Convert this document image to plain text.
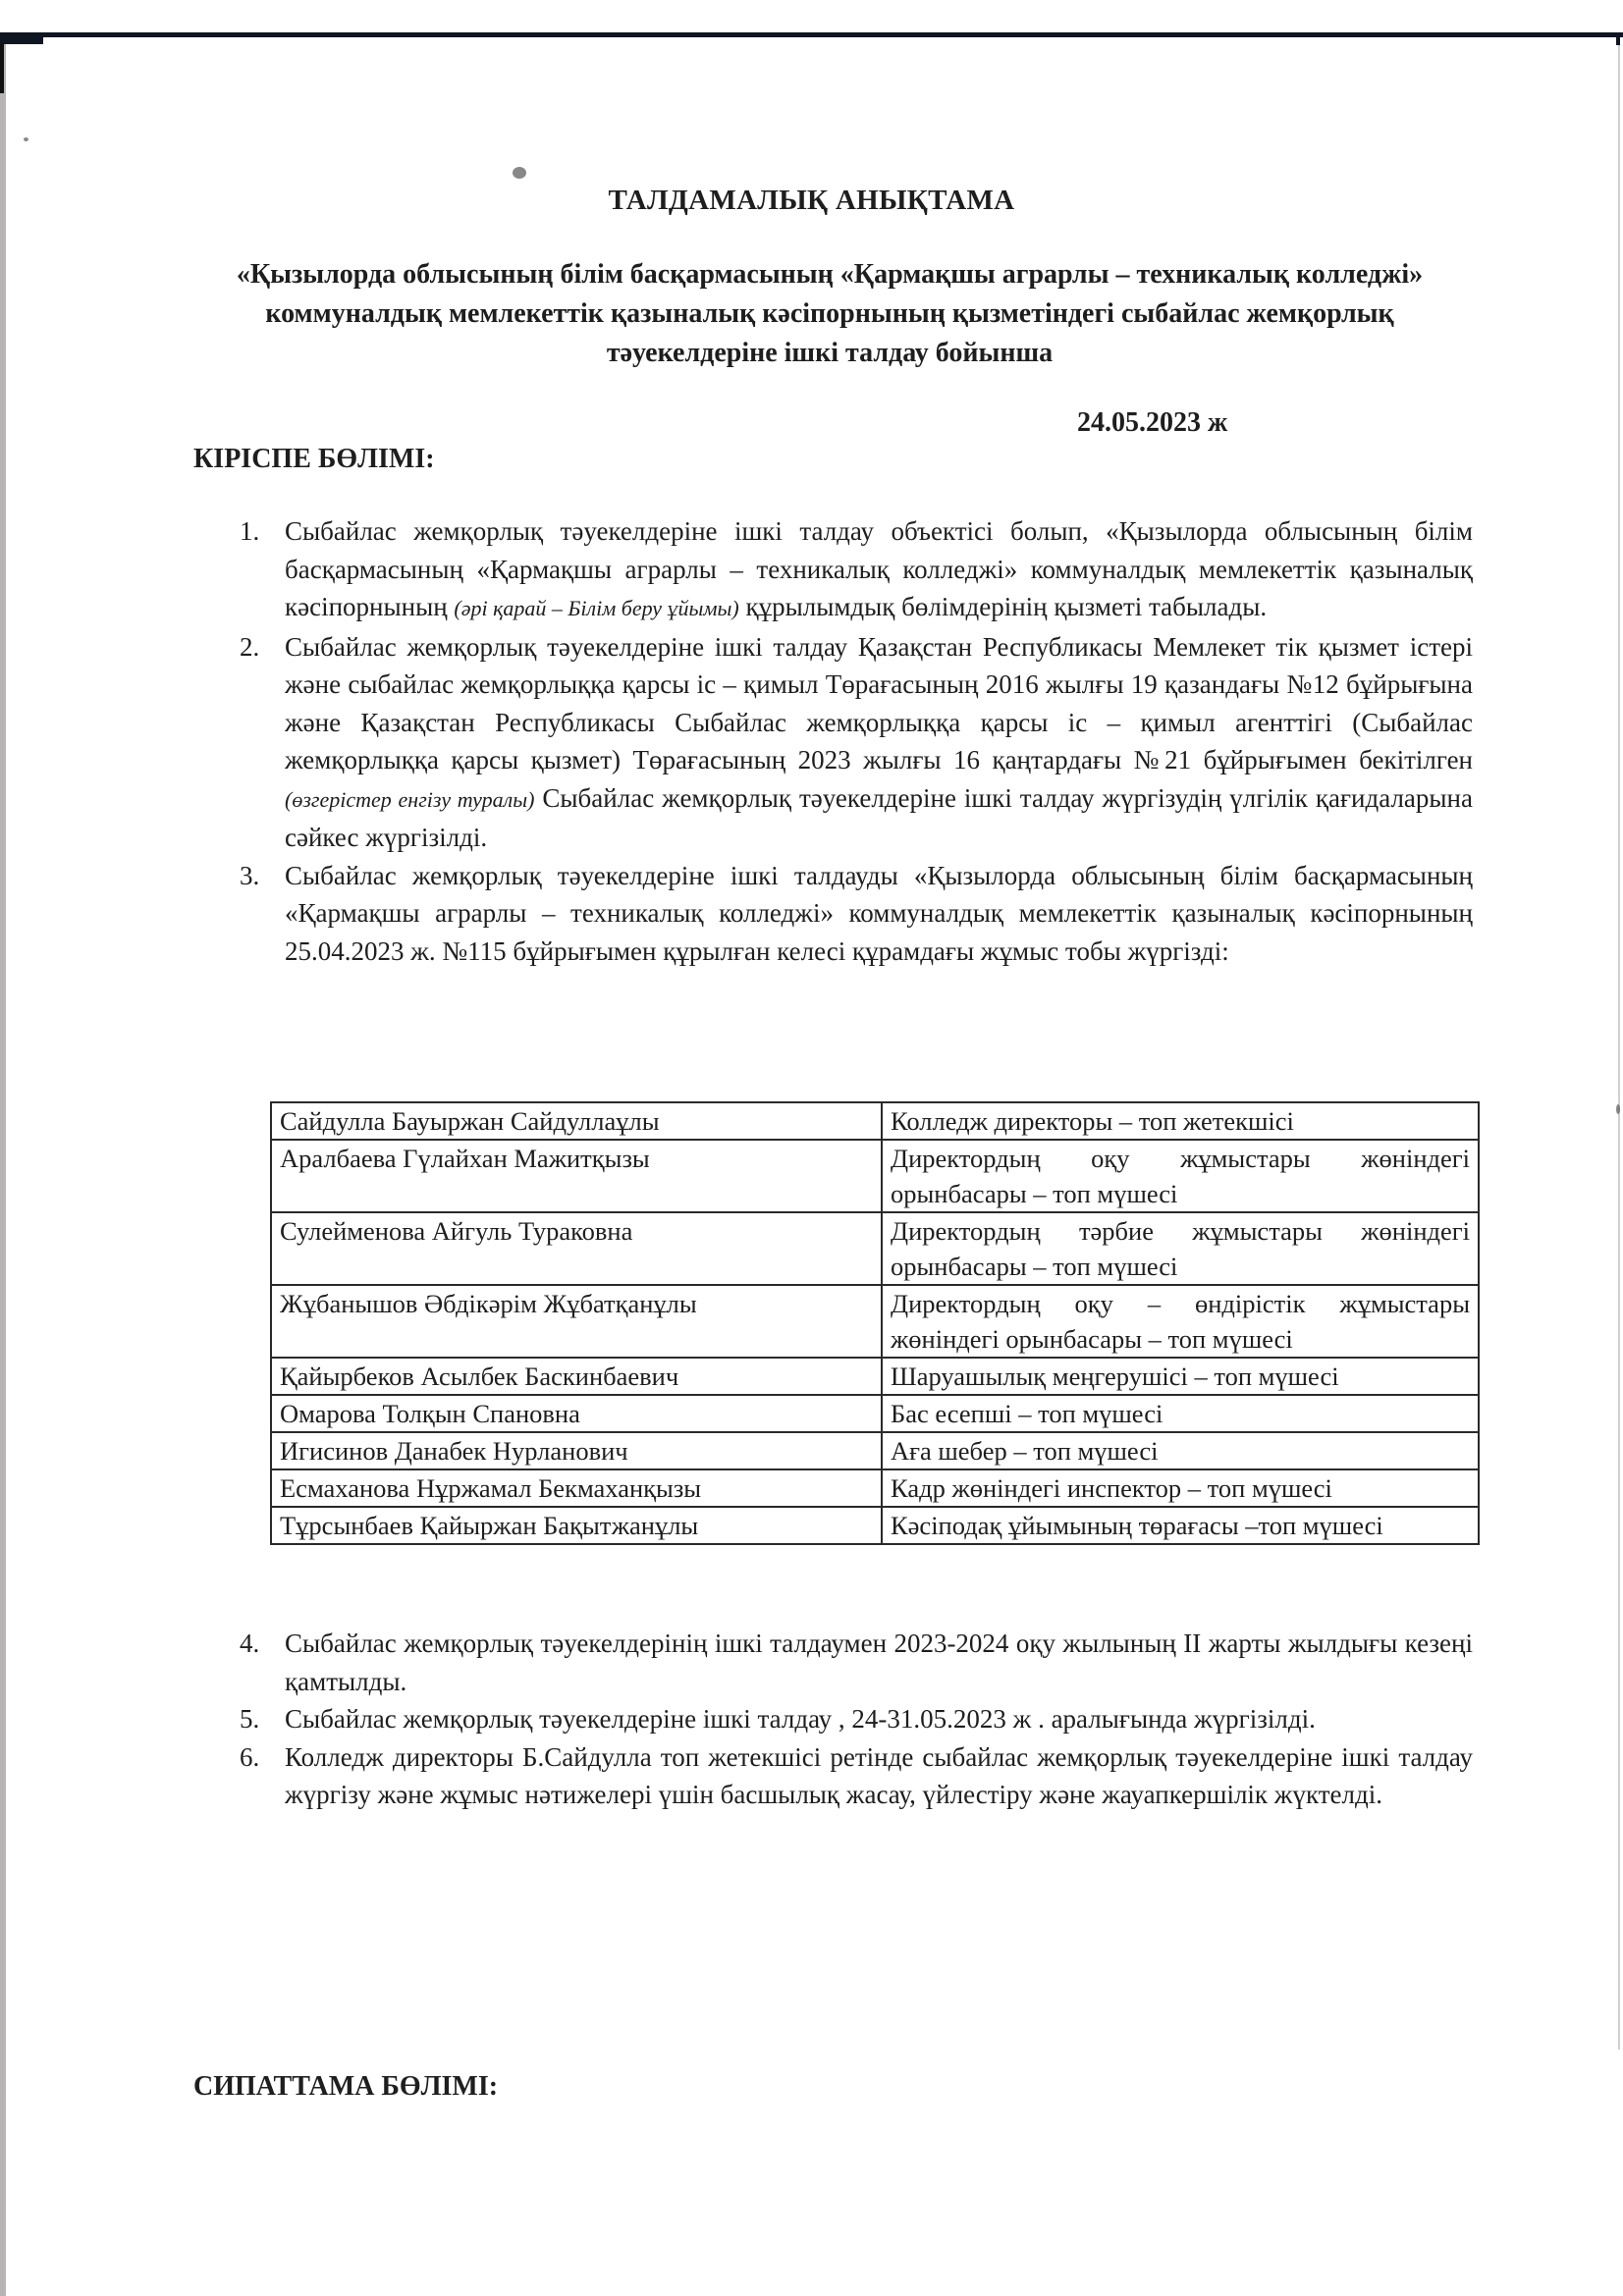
ТАЛДАМАЛЫҚ АНЫҚТАМА
«Қызылорда облысының білім басқармасының «Қармақшы аграрлы – техникалық колледжі» коммуналдық мемлекеттік қазыналық кәсіпорнының қызметіндегі сыбайлас жемқорлық тәуекелдеріне ішкі талдау бойынша
24.05.2023 ж
КІРІСПЕ БӨЛІМІ:
1. Сыбайлас жемқорлық тәуекелдеріне ішкі талдау объектісі болып, «Қызылорда облысының білім басқармасының «Қармақшы аграрлы – техникалық колледжі» коммуналдық мемлекеттік қазыналық кәсіпорнының (әрі қарай – Білім беру ұйымы) құрылымдық бөлімдерінің қызметі табылады.
2. Сыбайлас жемқорлық тәуекелдеріне ішкі талдау Қазақстан Республикасы Мемлекет тік қызмет істері және сыбайлас жемқорлыққа қарсы іс – қимыл Төрағасының 2016 жылғы 19 қазандағы №12 бұйрығына және Қазақстан Республикасы Сыбайлас жемқорлыққа қарсы іс – қимыл агенттігі (Сыбайлас жемқорлыққа қарсы қызмет) Төрағасының 2023 жылғы 16 қаңтардағы №21 бұйрығымен бекітілген (өзгерістер енгізу туралы) Сыбайлас жемқорлық тәуекелдеріне ішкі талдау жүргізудің үлгілік қағидаларына сәйкес жүргізілді.
3. Сыбайлас жемқорлық тәуекелдеріне ішкі талдауды «Қызылорда облысының білім басқармасының «Қармақшы аграрлы – техникалық колледжі» коммуналдық мемлекеттік қазыналық кәсіпорнының 25.04.2023 ж. №115 бұйрығымен құрылған келесі құрамдағы жұмыс тобы жүргізді:
Сайдулла Бауыржан Сайдуллаұлы	Колледж директоры – топ жетекшісі
Аралбаева Гүлайхан Мажитқызы	Директордың оқу жұмыстары жөніндегі орынбасары – топ мүшесі
Сулейменова Айгуль Тураковна	Директордың тәрбие жұмыстары жөніндегі орынбасары – топ мүшесі
Жұбанышов Әбдікәрім Жұбатқанұлы	Директордың оқу – өндірістік жұмыстары жөніндегі орынбасары – топ мүшесі
Қайырбеков Асылбек Баскинбаевич	Шаруашылық меңгерушісі – топ мүшесі
Омарова Толқын Спановна	Бас есепші – топ мүшесі
Игисинов Данабек Нурланович	Аға шебер – топ мүшесі
Есмаханова Нұржамал Бекмаханқызы	Кадр жөніндегі инспектор – топ мүшесі
Тұрсынбаев Қайыржан Бақытжанұлы	Кәсіподақ ұйымының төрағасы –топ мүшесі
4. Сыбайлас жемқорлық тәуекелдерінің ішкі талдаумен 2023-2024 оқу жылының II жарты жылдығы кезеңі қамтылды.
5. Сыбайлас жемқорлық тәуекелдеріне ішкі талдау , 24-31.05.2023 ж . аралығында жүргізілді.
6. Колледж директоры Б.Сайдулла топ жетекшісі ретінде сыбайлас жемқорлық тәуекелдеріне ішкі талдау жүргізу және жұмыс нәтижелері үшін басшылық жасау, үйлестіру және жауапкершілік жүктелді.
СИПАТТАМА БӨЛІМІ:
